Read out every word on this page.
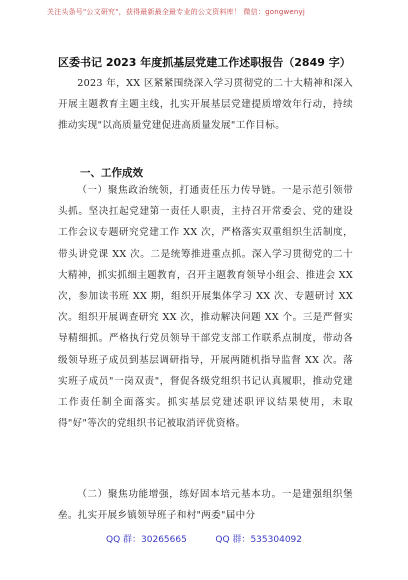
关注头条号"公文研究"，获得最新最全最专业的公文资料库！ 微信：gongwenyj
区委书记 2023 年度抓基层党建工作述职报告（2849 字）

2023 年，XX 区紧紧围绕深入学习贯彻党的二十大精神和深入开展主题教育主题主线，扎实开展基层党建提质增效年行动，持续推动实现"以高质量党建促进高质量发展"工作目标。

一、工作成效

（一）聚焦政治统领，打通责任压力传导链。一是示范引领带头抓。坚决扛起党建第一责任人职责，主持召开常委会、党的建设工作会议专题研究党建工作 XX 次，严格落实双重组织生活制度，带头讲党课 XX 次。二是统筹推进重点抓。深入学习贯彻党的二十大精神，抓实抓细主题教育，召开主题教育领导小组会、推进会 XX 次，参加读书班 XX 期，组织开展集体学习 XX 次、专题研讨 XX 次。组织开展调查研究 XX 次，推动解决问题 XX 个。三是严督实导精细抓。严格执行党员领导干部党支部工作联系点制度，带动各级领导班子成员到基层调研指导，开展两随机指导监督 XX 次。落实班子成员"一岗双责"，督促各级党组织书记认真履职，推动党建工作责任制全面落实。抓实基层党建述职评议结果使用，未取得"好"等次的党组织书记被取消评优资格。

（二）聚焦功能增强，练好固本培元基本功。一是建强组织堡垒。扎实开展乡镇领导班子和村"两委"届中分

QQ 群：30265665          QQ 群：535304092
